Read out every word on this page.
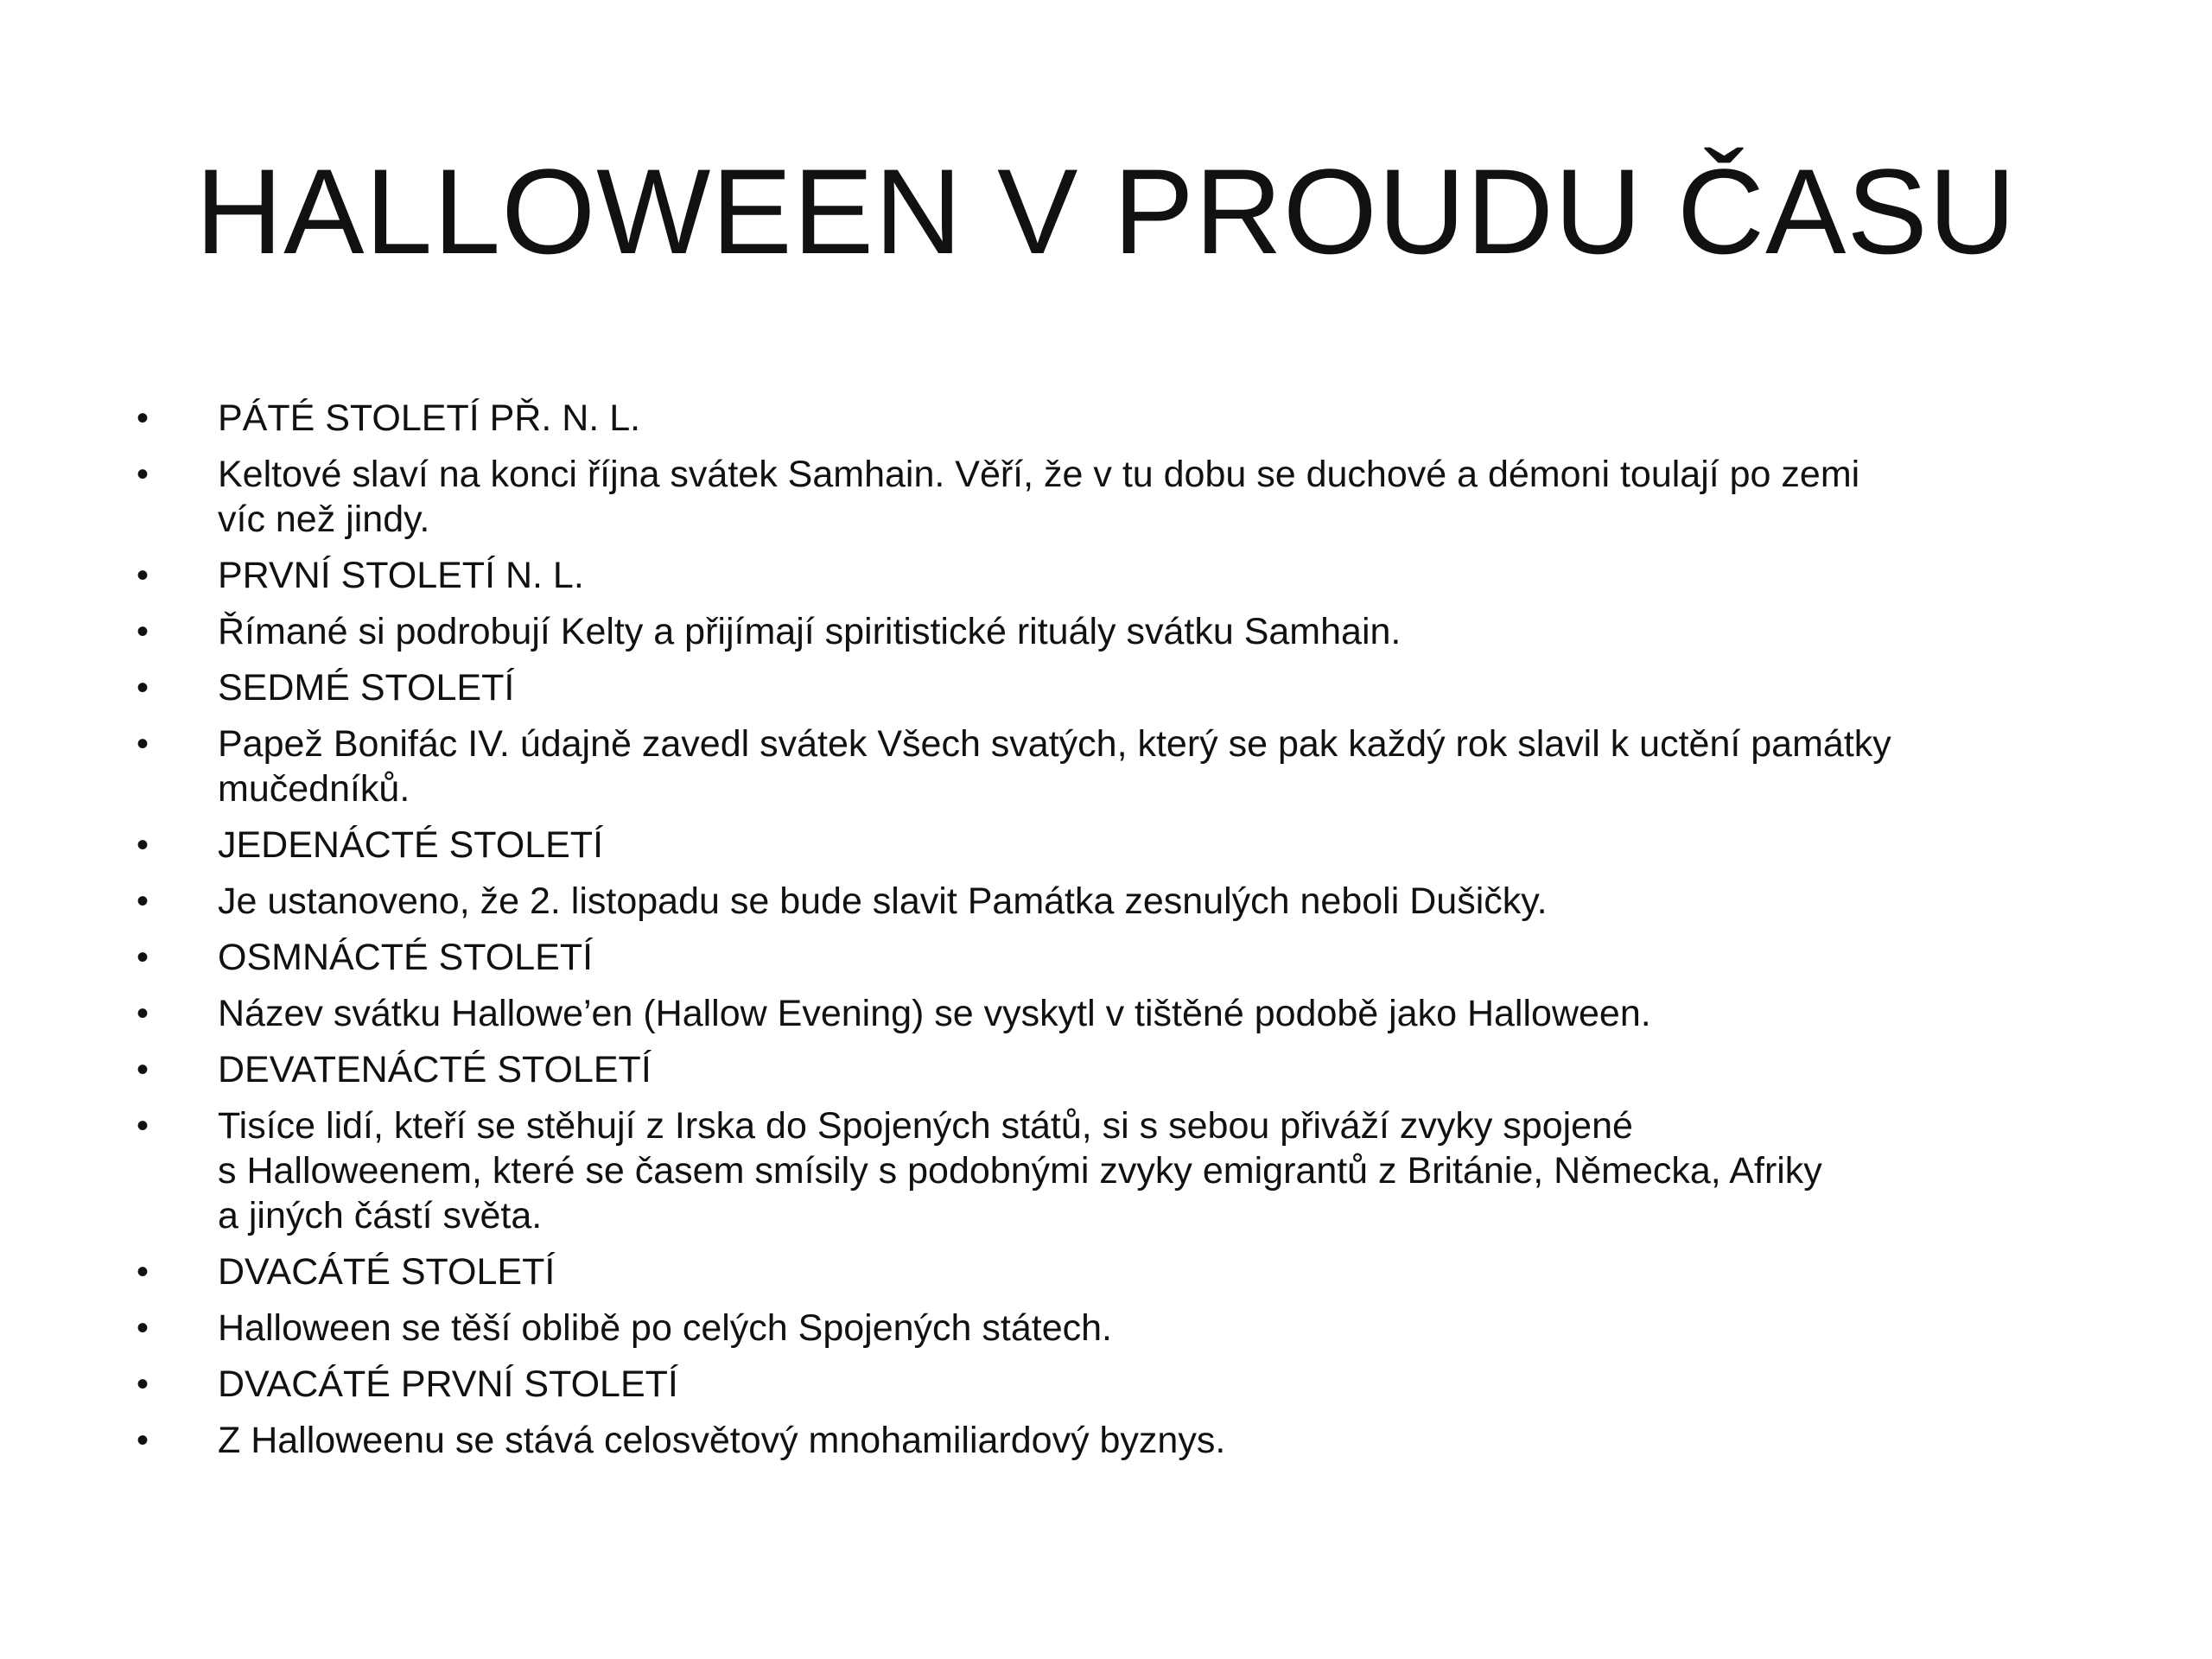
HALLOWEEN V PROUDU ČASU
• PÁTÉ STOLETÍ PŘ. N. L.
• Keltové slaví na konci října svátek Samhain. Věří, že v tu dobu se duchové a démoni toulají po zemi
víc než jindy.
• PRVNÍ STOLETÍ N. L.
• Římané si podrobují Kelty a přijímají spiritistické rituály svátku Samhain.
• SEDMÉ STOLETÍ
• Papež Bonifác IV. údajně zavedl svátek Všech svatých, který se pak každý rok slavil k uctění památky
mučedníků.
• JEDENÁCTÉ STOLETÍ
• Je ustanoveno, že 2. listopadu se bude slavit Památka zesnulých neboli Dušičky.
• OSMNÁCTÉ STOLETÍ
• Název svátku Hallowe’en (Hallow Evening) se vyskytl v tištěné podobě jako Halloween.
• DEVATENÁCTÉ STOLETÍ
• Tisíce lidí, kteří se stěhují z Irska do Spojených států, si s sebou přiváží zvyky spojené
s Halloweenem, které se časem smísily s podobnými zvyky emigrantů z Británie, Německa, Afriky
a jiných částí světa.
• DVACÁTÉ STOLETÍ
• Halloween se těší oblibě po celých Spojených státech.
• DVACÁTÉ PRVNÍ STOLETÍ
• Z Halloweenu se stává celosvětový mnohamiliardový byznys.
